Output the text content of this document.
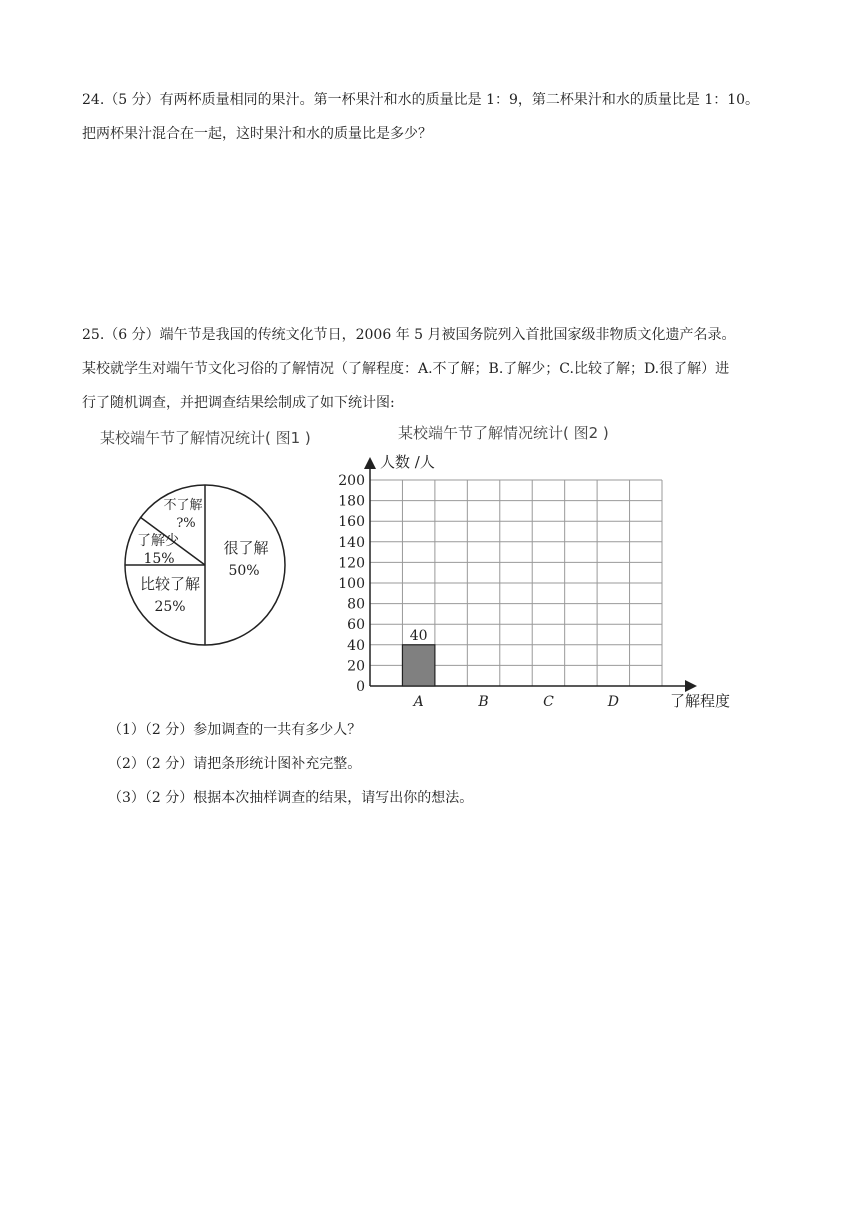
24.（5 分）有两杯质量相同的果汁。第一杯果汁和水的质量比是 1：9，第二杯果汁和水的质量比是 1：10。
把两杯果汁混合在一起，这时果汁和水的质量比是多少？
25.（6 分）端午节是我国的传统文化节日，2006 年 5 月被国务院列入首批国家级非物质文化遗产名录。
某校就学生对端午节文化习俗的了解情况（了解程度：A.不了解；B.了解少；C.比较了解；D.很了解）进
行了随机调查，并把调查结果绘制成了如下统计图:
某校端午节了解情况统计( 图1 )	某校端午节了解情况统计( 图2 )
很了解
50%
比较了解
25%
了解少
15%
不了解
?%
0
20
40
60
80
100
120
140
160
180
200
人数 /人
了解程度
A
40
B	C	D
（1）（2 分）参加调查的一共有多少人？
（2）（2 分）请把条形统计图补充完整。
（3）（2 分）根据本次抽样调查的结果，请写出你的想法。
